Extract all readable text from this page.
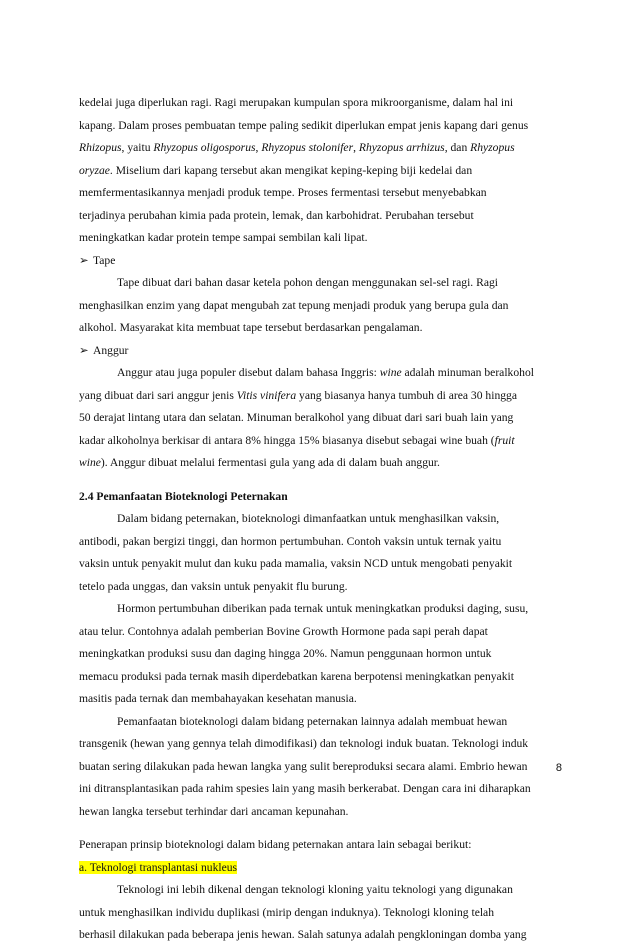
kedelai juga diperlukan ragi. Ragi merupakan kumpulan spora mikroorganisme, dalam hal ini
kapang. Dalam proses pembuatan tempe paling sedikit diperlukan empat jenis kapang dari genus
Rhizopus, yaitu Rhyzopus oligosporus, Rhyzopus stolonifer, Rhyzopus arrhizus, dan Rhyzopus
oryzae. Miselium dari kapang tersebut akan mengikat keping-keping biji kedelai dan
memfermentasikannya menjadi produk tempe. Proses fermentasi tersebut menyebabkan
terjadinya perubahan kimia pada protein, lemak, dan karbohidrat. Perubahan tersebut
meningkatkan kadar protein tempe sampai sembilan kali lipat.
➢ Tape
Tape dibuat dari bahan dasar ketela pohon dengan menggunakan sel-sel ragi. Ragi
menghasilkan enzim yang dapat mengubah zat tepung menjadi produk yang berupa gula dan
alkohol. Masyarakat kita membuat tape tersebut berdasarkan pengalaman.
➢ Anggur
Anggur atau juga populer disebut dalam bahasa Inggris: wine adalah minuman beralkohol
yang dibuat dari sari anggur jenis Vitis vinifera yang biasanya hanya tumbuh di area 30 hingga
50 derajat lintang utara dan selatan. Minuman beralkohol yang dibuat dari sari buah lain yang
kadar alkoholnya berkisar di antara 8% hingga 15% biasanya disebut sebagai wine buah (fruit
wine). Anggur dibuat melalui fermentasi gula yang ada di dalam buah anggur.
2.4 Pemanfaatan Bioteknologi Peternakan
Dalam bidang peternakan, bioteknologi dimanfaatkan untuk menghasilkan vaksin,
antibodi, pakan bergizi tinggi, dan hormon pertumbuhan. Contoh vaksin untuk ternak yaitu
vaksin untuk penyakit mulut dan kuku pada mamalia, vaksin NCD untuk mengobati penyakit
tetelo pada unggas, dan vaksin untuk penyakit flu burung.
Hormon pertumbuhan diberikan pada ternak untuk meningkatkan produksi daging, susu,
atau telur. Contohnya adalah pemberian Bovine Growth Hormone pada sapi perah dapat
meningkatkan produksi susu dan daging hingga 20%. Namun penggunaan hormon untuk
memacu produksi pada ternak masih diperdebatkan karena berpotensi meningkatkan penyakit
masitis pada ternak dan membahayakan kesehatan manusia.
Pemanfaatan bioteknologi dalam bidang peternakan lainnya adalah membuat hewan
transgenik (hewan yang gennya telah dimodifikasi) dan teknologi induk buatan. Teknologi induk
buatan sering dilakukan pada hewan langka yang sulit bereproduksi secara alami. Embrio hewan
ini ditransplantasikan pada rahim spesies lain yang masih berkerabat. Dengan cara ini diharapkan
hewan langka tersebut terhindar dari ancaman kepunahan.
Penerapan prinsip bioteknologi dalam bidang peternakan antara lain sebagai berikut:
a. Teknologi transplantasi nukleus
Teknologi ini lebih dikenal dengan teknologi kloning yaitu teknologi yang digunakan
untuk menghasilkan individu duplikasi (mirip dengan induknya). Teknologi kloning telah
berhasil dilakukan pada beberapa jenis hewan. Salah satunya adalah pengkloningan domba yang
8
